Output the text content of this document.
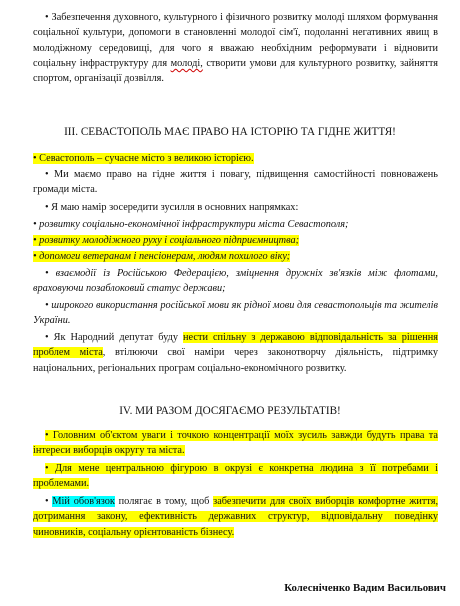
• Забезпечення духовного, культурного і фізичного розвитку молоді шляхом формування соціальної культури, допомоги в становленні молодої сім'ї, подоланні негативних явищ в молодіжному середовищі, для чого я вважаю необхідним реформувати і відновити соціальну інфраструктуру для молоді, створити умови для культурного розвитку, зайняття спортом, організації дозвілля.

III. СЕВАСТОПОЛЬ МАЄ ПРАВО НА ІСТОРІЮ ТА ГІДНЕ ЖИТТЯ!

• Севастополь – сучасне місто з великою історією.

• Ми маємо право на гідне життя і повагу, підвищення самостійності повноважень громади міста.

• Я маю намір зосередити зусилля в основних напрямках:

• розвитку соціально-економічної інфраструктури міста Севастополя;

• розвитку молодіжного руху і соціального підприємництва;

• допомоги ветеранам і пенсіонерам, людям похилого віку;

• взаємодії із Російською Федерацією, зміцнення дружніх зв'язків між флотами, враховуючи позаблоковий статус держави;

• широкого використання російської мови як рідної мови для севастопольців та жителів України.

• Як Народний депутат буду нести спільну з державою відповідальність за рішення проблем міста, втілюючи свої наміри через законотворчу діяльність, підтримку національних, регіональних програм соціально-економічного розвитку.

IV. МИ РАЗОМ ДОСЯГАЄМО РЕЗУЛЬТАТІВ!

• Головним об'єктом уваги і точкою концентрації моїх зусиль завжди будуть права та інтереси виборців округу та міста.

• Для мене центральною фігурою в окрузі є конкретна людина з її потребами і проблемами.

• Мій обов'язок полягає в тому, щоб забезпечити для своїх виборців комфортне життя, дотримання закону, ефективність державних структур, відповідальну поведінку чиновників, соціальну орієнтованість бізнесу.

Колесніченко Вадим Васильович
